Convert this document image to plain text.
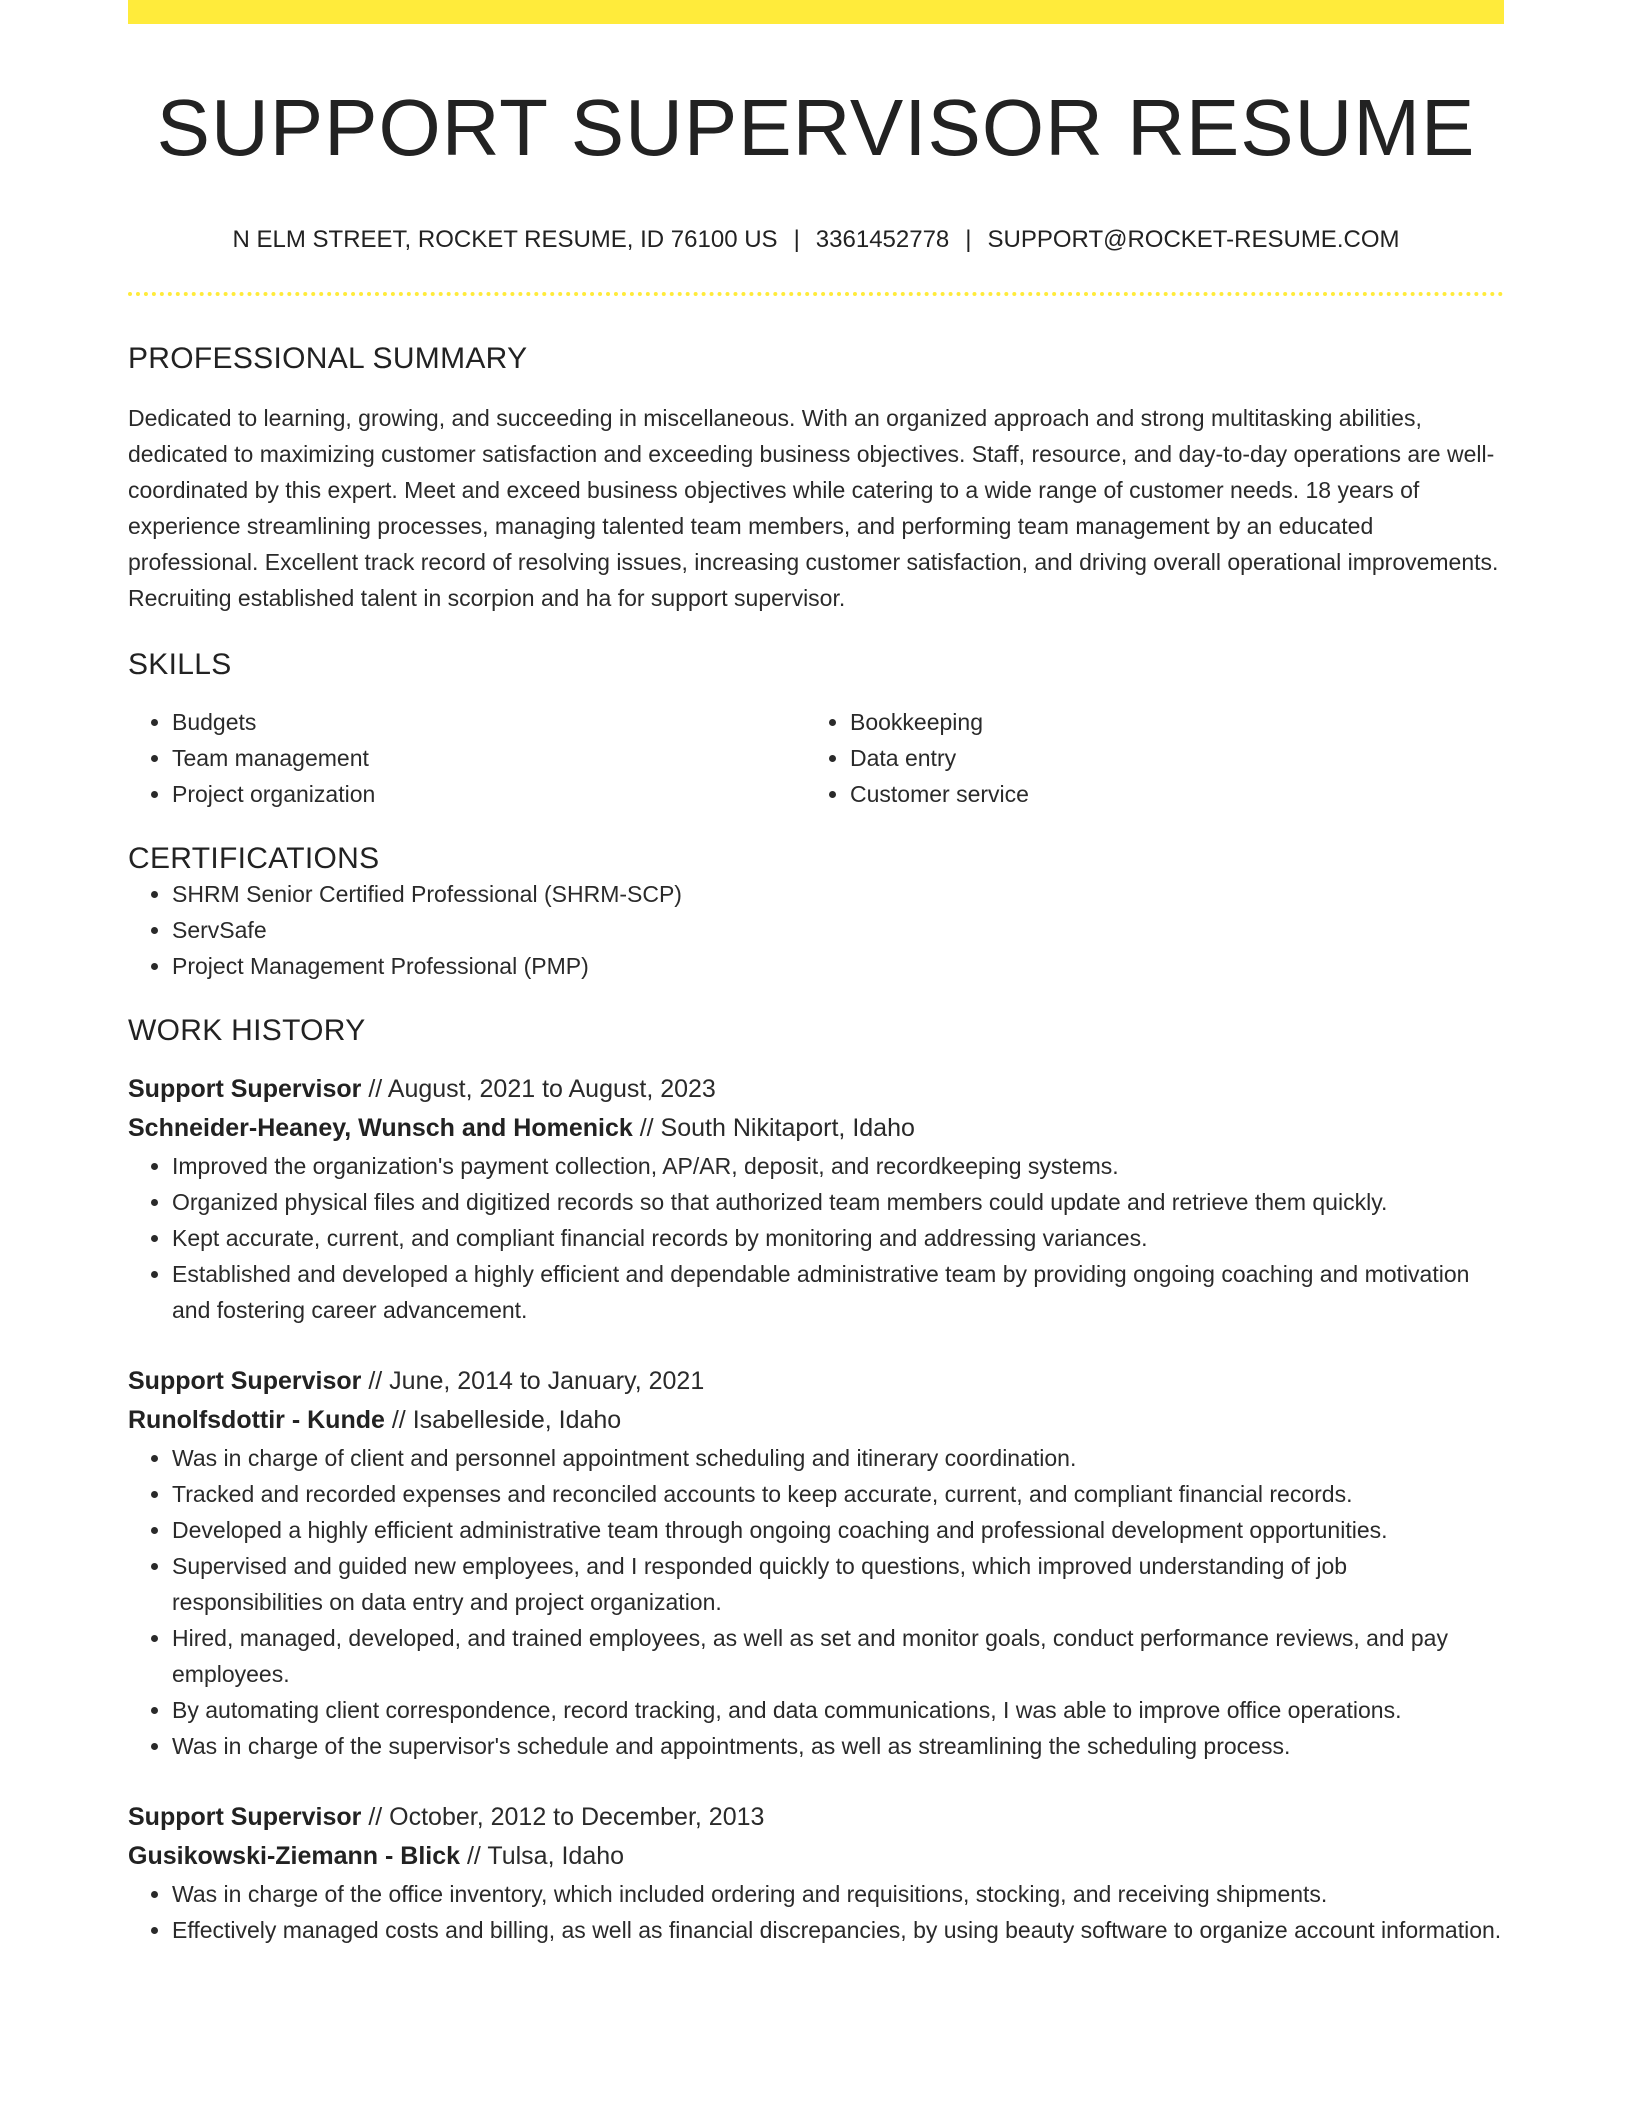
SUPPORT SUPERVISOR RESUME
N ELM STREET, ROCKET RESUME, ID 76100 US | 3361452778 | SUPPORT@ROCKET-RESUME.COM
PROFESSIONAL SUMMARY

Dedicated to learning, growing, and succeeding in miscellaneous. With an organized approach and strong multitasking abilities, dedicated to maximizing customer satisfaction and exceeding business objectives. Staff, resource, and day-to-day operations are well-coordinated by this expert. Meet and exceed business objectives while catering to a wide range of customer needs. 18 years of experience streamlining processes, managing talented team members, and performing team management by an educated professional. Excellent track record of resolving issues, increasing customer satisfaction, and driving overall operational improvements. Recruiting established talent in scorpion and ha for support supervisor.

SKILLS
• Budgets
• Team management
• Project organization
• Bookkeeping
• Data entry
• Customer service
CERTIFICATIONS
• SHRM Senior Certified Professional (SHRM-SCP)
• ServSafe
• Project Management Professional (PMP)
WORK HISTORY
Support Supervisor // August, 2021 to August, 2023
Schneider-Heaney, Wunsch and Homenick // South Nikitaport, Idaho
• Improved the organization's payment collection, AP/AR, deposit, and recordkeeping systems.
• Organized physical files and digitized records so that authorized team members could update and retrieve them quickly.
• Kept accurate, current, and compliant financial records by monitoring and addressing variances.
• Established and developed a highly efficient and dependable administrative team by providing ongoing coaching and motivation and fostering career advancement.
Support Supervisor // June, 2014 to January, 2021
Runolfsdottir - Kunde // Isabelleside, Idaho
• Was in charge of client and personnel appointment scheduling and itinerary coordination.
• Tracked and recorded expenses and reconciled accounts to keep accurate, current, and compliant financial records.
• Developed a highly efficient administrative team through ongoing coaching and professional development opportunities.
• Supervised and guided new employees, and I responded quickly to questions, which improved understanding of job responsibilities on data entry and project organization.
• Hired, managed, developed, and trained employees, as well as set and monitor goals, conduct performance reviews, and pay employees.
• By automating client correspondence, record tracking, and data communications, I was able to improve office operations.
• Was in charge of the supervisor's schedule and appointments, as well as streamlining the scheduling process.
Support Supervisor // October, 2012 to December, 2013
Gusikowski-Ziemann - Blick // Tulsa, Idaho
• Was in charge of the office inventory, which included ordering and requisitions, stocking, and receiving shipments.
• Effectively managed costs and billing, as well as financial discrepancies, by using beauty software to organize account information.
